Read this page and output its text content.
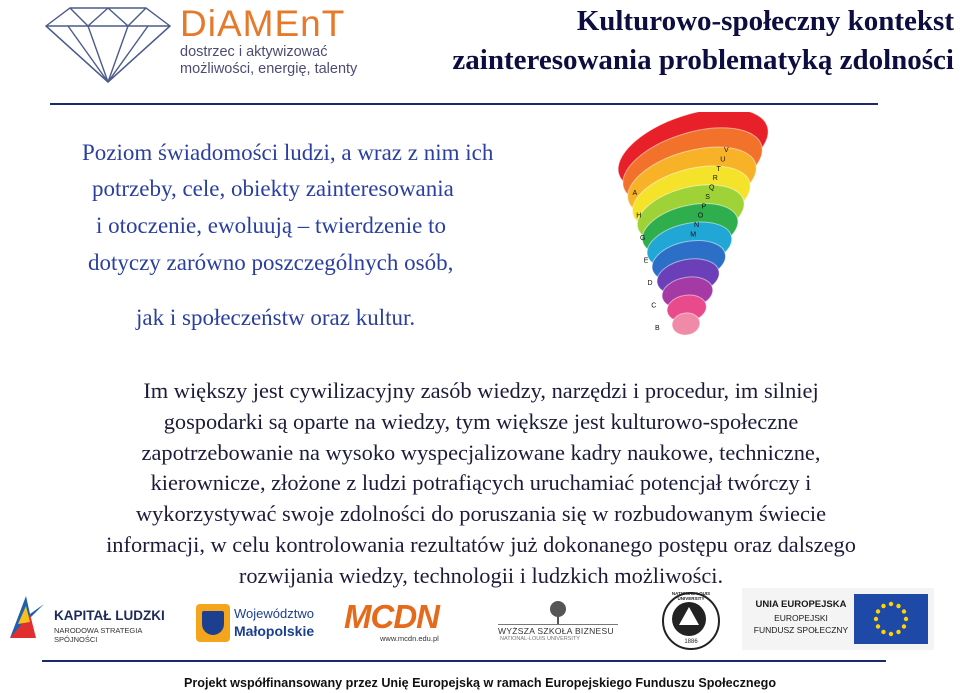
DiAMEnT
dostrzec i aktywizować
możliwości, energię, talenty
Kulturowo-społeczny kontekst
zainteresowania problematyką zdolności
Poziom świadomości ludzi, a wraz z nim ich
potrzeby, cele, obiekty zainteresowania
i otoczenie, ewoluują – twierdzenie to
dotyczy zarówno poszczególnych osób,
jak i społeczeństw oraz kultur.
V
U
T
R
Q
S
P
O
N
M
A
H
G
E
D
C
B
Im większy jest cywilizacyjny zasób wiedzy, narzędzi i procedur, im silniej
gospodarki są oparte na wiedzy, tym większe jest kulturowo-społeczne
zapotrzebowanie na wysoko wyspecjalizowane kadry naukowe, techniczne,
kierownicze, złożone z ludzi potrafiących uruchamiać potencjał twórczy i
wykorzystywać swoje zdolności do poruszania się w rozbudowanym świecie
informacji, w celu kontrolowania rezultatów już dokonanego postępu oraz dalszego
rozwijania wiedzy, technologii i ludzkich możliwości.
KAPITAŁ LUDZKI
NARODOWA STRATEGIA SPÓJNOŚCI
Województwo
Małopolskie MCDN
www.mcdn.edu.pl
WYŻSZA SZKOŁA BIZNESU
NATIONAL-LOUIS UNIVERSITY
NATIONAL-LOUIS UNIVERSITY
1886
UNIA EUROPEJSKA
EUROPEJSKI
FUNDUSZ SPOŁECZNY
Projekt współfinansowany przez Unię Europejską w ramach Europejskiego Funduszu Społecznego
